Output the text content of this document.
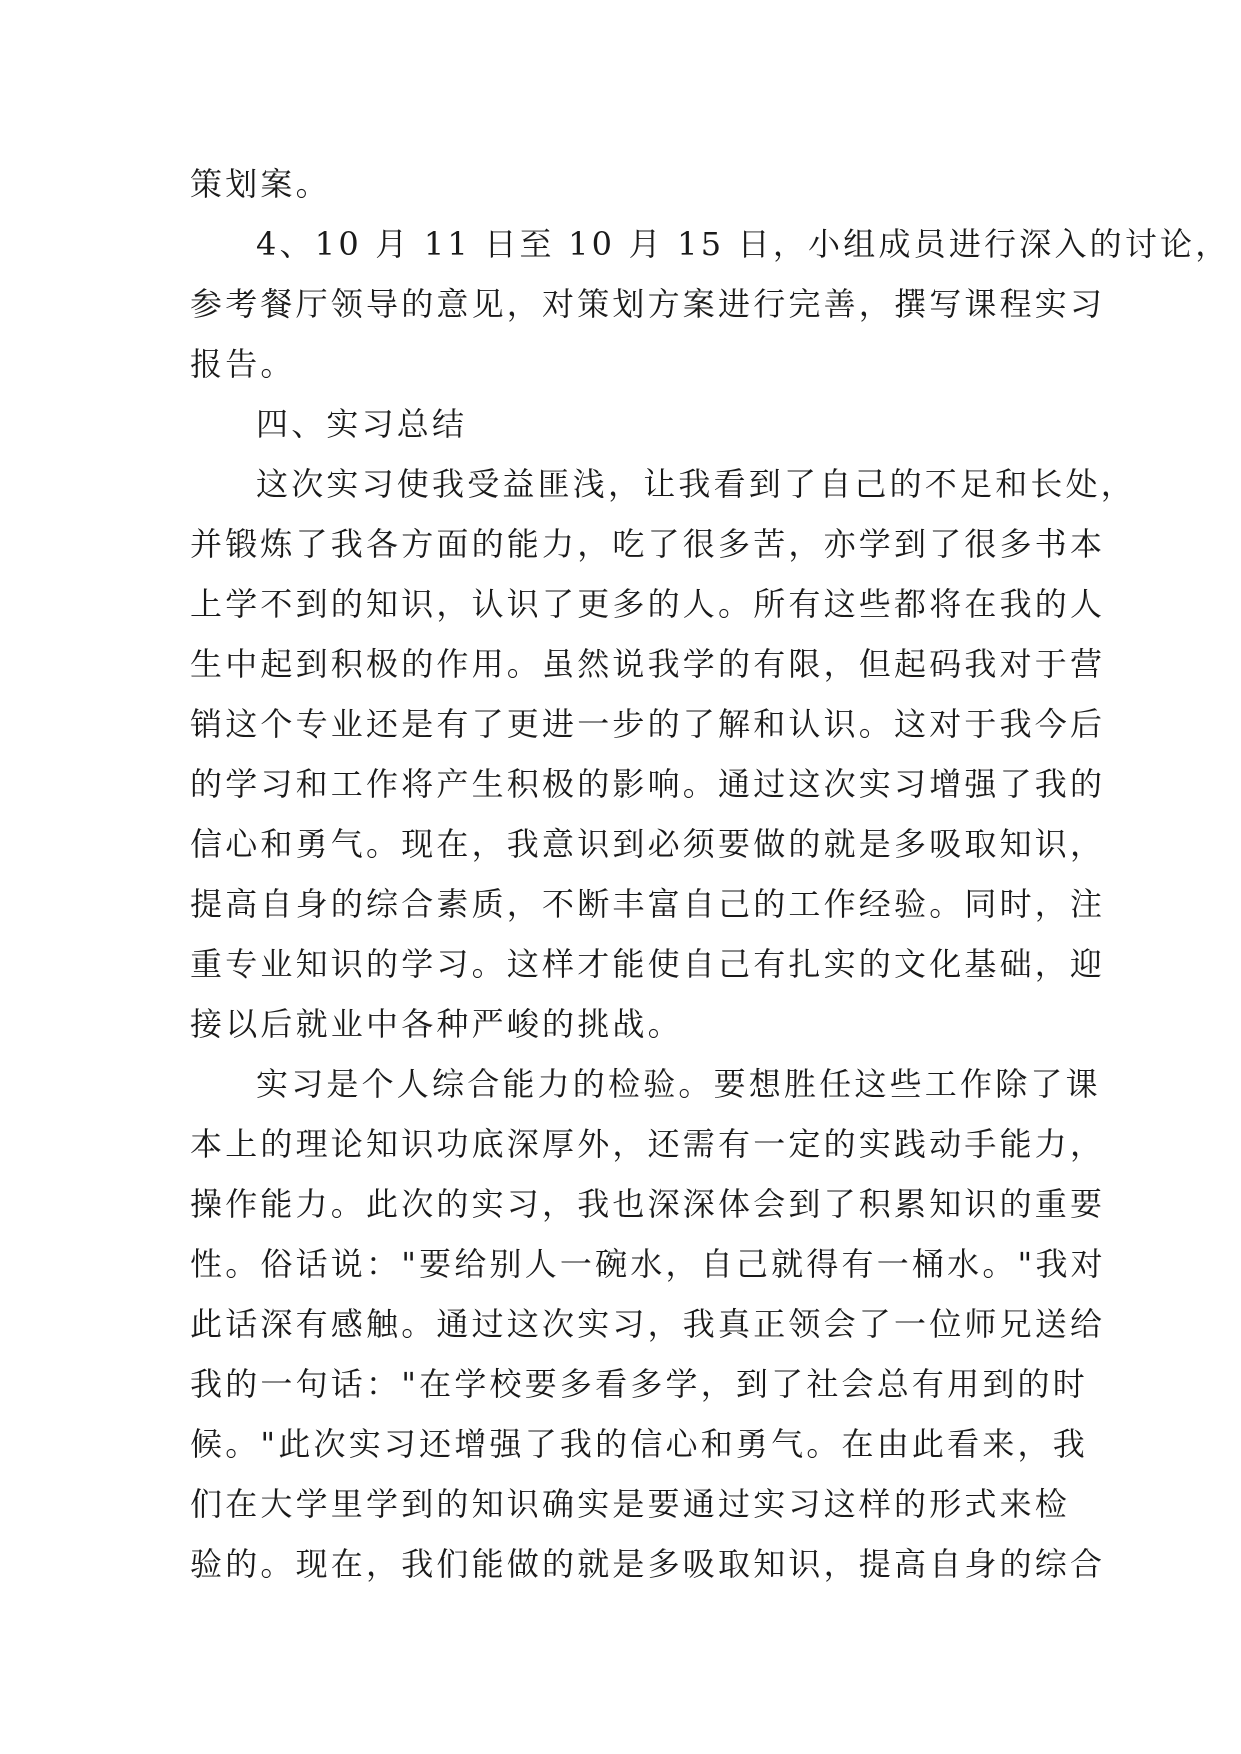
策划案。
4、10 月 11 日至 10 月 15 日，小组成员进行深入的讨论，
参考餐厅领导的意见，对策划方案进行完善，撰写课程实习
报告。
四、实习总结
这次实习使我受益匪浅，让我看到了自己的不足和长处，
并锻炼了我各方面的能力，吃了很多苦，亦学到了很多书本
上学不到的知识，认识了更多的人。所有这些都将在我的人
生中起到积极的作用。虽然说我学的有限，但起码我对于营
销这个专业还是有了更进一步的了解和认识。这对于我今后
的学习和工作将产生积极的影响。通过这次实习增强了我的
信心和勇气。现在，我意识到必须要做的就是多吸取知识，
提高自身的综合素质，不断丰富自己的工作经验。同时，注
重专业知识的学习。这样才能使自己有扎实的文化基础，迎
接以后就业中各种严峻的挑战。
实习是个人综合能力的检验。要想胜任这些工作除了课
本上的理论知识功底深厚外，还需有一定的实践动手能力，
操作能力。此次的实习，我也深深体会到了积累知识的重要
性。俗话说："要给别人一碗水，自己就得有一桶水。"我对
此话深有感触。通过这次实习，我真正领会了一位师兄送给
我的一句话："在学校要多看多学，到了社会总有用到的时
候。"此次实习还增强了我的信心和勇气。在由此看来，我
们在大学里学到的知识确实是要通过实习这样的形式来检
验的。现在，我们能做的就是多吸取知识，提高自身的综合
